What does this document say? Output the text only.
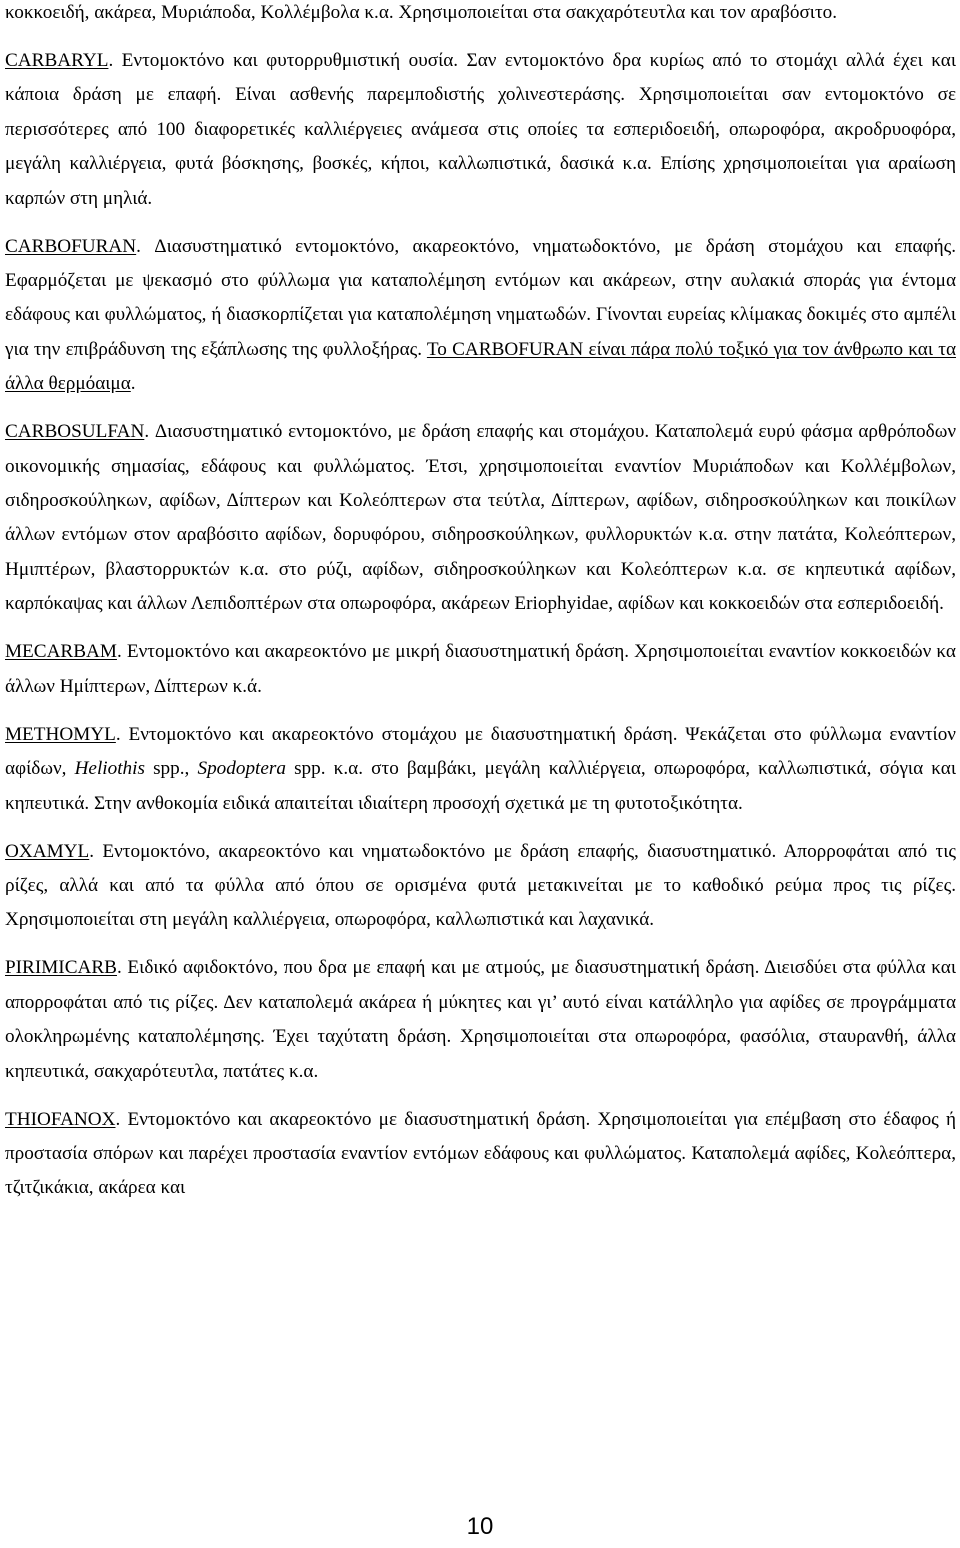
κοκκοειδή, ακάρεα, Μυριάποδα, Κολλέμβολα κ.α. Χρησιμοποιείται στα σακχαρότευτλα και τον αραβόσιτο.

CARBARYL. Εντομοκτόνο και φυτορρυθμιστική ουσία. Σαν εντομοκτόνο δρα κυρίως από το στομάχι αλλά έχει και κάποια δράση με επαφή. Είναι ασθενής παρεμποδιστής χολινεστεράσης. Χρησιμοποιείται σαν εντομοκτόνο σε περισσότερες από 100 διαφορετικές καλλιέργειες ανάμεσα στις οποίες τα εσπεριδοειδή, οπωροφόρα, ακροδρυοφόρα, μεγάλη καλλιέργεια, φυτά βόσκησης, βοσκές, κήποι, καλλωπιστικά, δασικά κ.α. Επίσης χρησιμοποιείται για αραίωση καρπών στη μηλιά.

CARBOFURAN. Διασυστηματικό εντομοκτόνο, ακαρεοκτόνο, νηματωδοκτόνο, με δράση στομάχου και επαφής. Εφαρμόζεται με ψεκασμό στο φύλλωμα για καταπολέμηση εντόμων και ακάρεων, στην αυλακιά σποράς για έντομα εδάφους και φυλλώματος, ή διασκορπίζεται για καταπολέμηση νηματωδών. Γίνονται ευρείας κλίμακας δοκιμές στο αμπέλι για την επιβράδυνση της εξάπλωσης της φυλλοξήρας. Το CARBOFURAN είναι πάρα πολύ τοξικό για τον άνθρωπο και τα άλλα θερμόαιμα.

CARBOSULFAN. Διασυστηματικό εντομοκτόνο, με δράση επαφής και στομάχου. Καταπολεμά ευρύ φάσμα αρθρόποδων οικονομικής σημασίας, εδάφους και φυλλώματος. Έτσι, χρησιμοποιείται εναντίον Μυριάποδων και Κολλέμβολων, σιδηροσκούληκων, αφίδων, Δίπτερων και Κολεόπτερων στα τεύτλα, Δίπτερων, αφίδων, σιδηροσκούληκων και ποικίλων άλλων εντόμων στον αραβόσιτο αφίδων, δορυφόρου, σιδηροσκούληκων, φυλλορυκτών κ.α. στην πατάτα, Κολεόπτερων, Ημιπτέρων, βλαστορρυκτών κ.α. στο ρύζι, αφίδων, σιδηροσκούληκων και Κολεόπτερων κ.α. σε κηπευτικά αφίδων, καρπόκαψας και άλλων Λεπιδοπτέρων στα οπωροφόρα, ακάρεων Eriophyidae, αφίδων και κοκκοειδών στα εσπεριδοειδή.

MECARBAM. Εντομοκτόνο και ακαρεοκτόνο με μικρή διασυστηματική δράση. Χρησιμοποιείται εναντίον κοκκοειδών κα άλλων Ημίπτερων, Δίπτερων κ.ά.

METHOMYL. Εντομοκτόνο και ακαρεοκτόνο στομάχου με διασυστηματική δράση. Ψεκάζεται στο φύλλωμα εναντίον αφίδων, Heliothis spp., Spodoptera spp. κ.α. στο βαμβάκι, μεγάλη καλλιέργεια, οπωροφόρα, καλλωπιστικά, σόγια και κηπευτικά. Στην ανθοκομία ειδικά απαιτείται ιδιαίτερη προσοχή σχετικά με τη φυτοτοξικότητα.

OXAMYL. Εντομοκτόνο, ακαρεοκτόνο και νηματωδοκτόνο με δράση επαφής, διασυστηματικό. Απορροφάται από τις ρίζες, αλλά και από τα φύλλα από όπου σε ορισμένα φυτά μετακινείται με το καθοδικό ρεύμα προς τις ρίζες. Χρησιμοποιείται στη μεγάλη καλλιέργεια, οπωροφόρα, καλλωπιστικά και λαχανικά.

PIRIMICARB. Ειδικό αφιδοκτόνο, που δρα με επαφή και με ατμούς, με διασυστηματική δράση. Διεισδύει στα φύλλα και απορροφάται από τις ρίζες. Δεν καταπολεμά ακάρεα ή μύκητες και γι’ αυτό είναι κατάλληλο για αφίδες σε προγράμματα ολοκληρωμένης καταπολέμησης. Έχει ταχύτατη δράση. Χρησιμοποιείται στα οπωροφόρα, φασόλια, σταυρανθή, άλλα κηπευτικά, σακχαρότευτλα, πατάτες κ.α.

THIOFANOX. Εντομοκτόνο και ακαρεοκτόνο με διασυστηματική δράση. Χρησιμοποιείται για επέμβαση στο έδαφος ή προστασία σπόρων και παρέχει προστασία εναντίον εντόμων εδάφους και φυλλώματος. Καταπολεμά αφίδες, Κολεόπτερα, τζιτζικάκια, ακάρεα και

10
